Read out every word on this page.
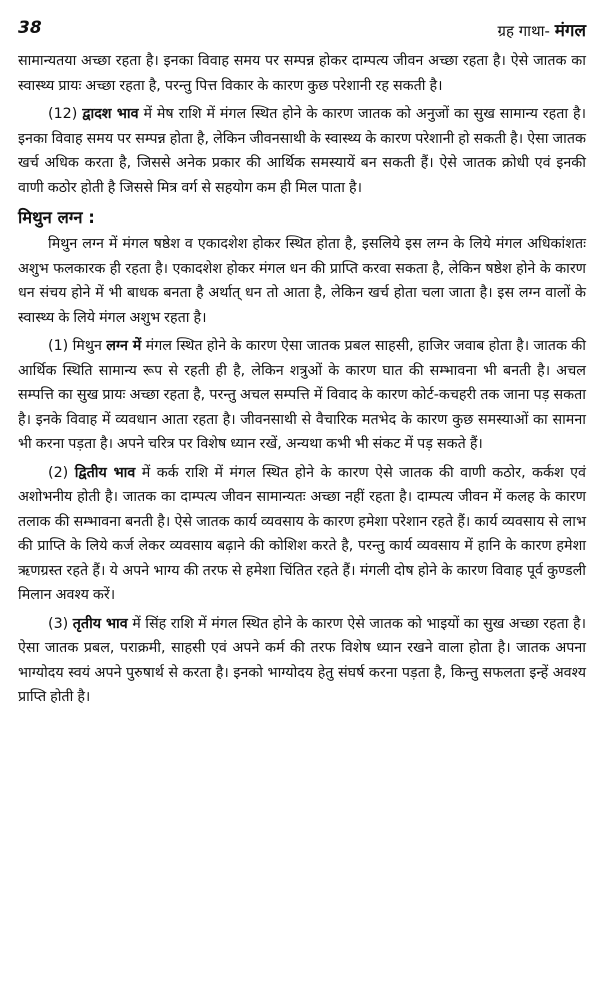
38	ग्रह गाथा- मंगल

सामान्यतया अच्छा रहता है। इनका विवाह समय पर सम्पन्न होकर दाम्पत्य जीवन अच्छा रहता है। ऐसे जातक का स्वास्थ्य प्रायः अच्छा रहता है, परन्तु पित्त विकार के कारण कुछ परेशानी रह सकती है।

(12) द्वादश भाव में मेष राशि में मंगल स्थित होने के कारण जातक को अनुजों का सुख सामान्य रहता है। इनका विवाह समय पर सम्पन्न होता है, लेकिन जीवनसाथी के स्वास्थ्य के कारण परेशानी हो सकती है। ऐसा जातक खर्च अधिक करता है, जिससे अनेक प्रकार की आर्थिक समस्यायें बन सकती हैं। ऐसे जातक क्रोधी एवं इनकी वाणी कठोर होती है जिससे मित्र वर्ग से सहयोग कम ही मिल पाता है।

मिथुन लग्न :

मिथुन लग्न में मंगल षष्ठेश व एकादशेश होकर स्थित होता है, इसलिये इस लग्न के लिये मंगल अधिकांशतः अशुभ फलकारक ही रहता है। एकादशेश होकर मंगल धन की प्राप्ति करवा सकता है, लेकिन षष्ठेश होने के कारण धन संचय होने में भी बाधक बनता है अर्थात् धन तो आता है, लेकिन खर्च होता चला जाता है। इस लग्न वालों के स्वास्थ्य के लिये मंगल अशुभ रहता है।

(1) मिथुन लग्न में मंगल स्थित होने के कारण ऐसा जातक प्रबल साहसी, हाजिर जवाब होता है। जातक की आर्थिक स्थिति सामान्य रूप से रहती ही है, लेकिन शत्रुओं के कारण घात की सम्भावना भी बनती है। अचल सम्पत्ति का सुख प्रायः अच्छा रहता है, परन्तु अचल सम्पत्ति में विवाद के कारण कोर्ट-कचहरी तक जाना पड़ सकता है। इनके विवाह में व्यवधान आता रहता है। जीवनसाथी से वैचारिक मतभेद के कारण कुछ समस्याओं का सामना भी करना पड़ता है। अपने चरित्र पर विशेष ध्यान रखें, अन्यथा कभी भी संकट में पड़ सकते हैं।

(2) द्वितीय भाव में कर्क राशि में मंगल स्थित होने के कारण ऐसे जातक की वाणी कठोर, कर्कश एवं अशोभनीय होती है। जातक का दाम्पत्य जीवन सामान्यतः अच्छा नहीं रहता है। दाम्पत्य जीवन में कलह के कारण तलाक की सम्भावना बनती है। ऐसे जातक कार्य व्यवसाय के कारण हमेशा परेशान रहते हैं। कार्य व्यवसाय से लाभ की प्राप्ति के लिये कर्ज लेकर व्यवसाय बढ़ाने की कोशिश करते है, परन्तु कार्य व्यवसाय में हानि के कारण हमेशा ऋणग्रस्त रहते हैं। ये अपने भाग्य की तरफ से हमेशा चिंतित रहते हैं। मंगली दोष होने के कारण विवाह पूर्व कुण्डली मिलान अवश्य करें।

(3) तृतीय भाव में सिंह राशि में मंगल स्थित होने के कारण ऐसे जातक को भाइयों का सुख अच्छा रहता है। ऐसा जातक प्रबल, पराक्रमी, साहसी एवं अपने कर्म की तरफ विशेष ध्यान रखने वाला होता है। जातक अपना भाग्योदय स्वयं अपने पुरुषार्थ से करता है। इनको भाग्योदय हेतु संघर्ष करना पड़ता है, किन्तु सफलता इन्हें अवश्य प्राप्ति होती है।
